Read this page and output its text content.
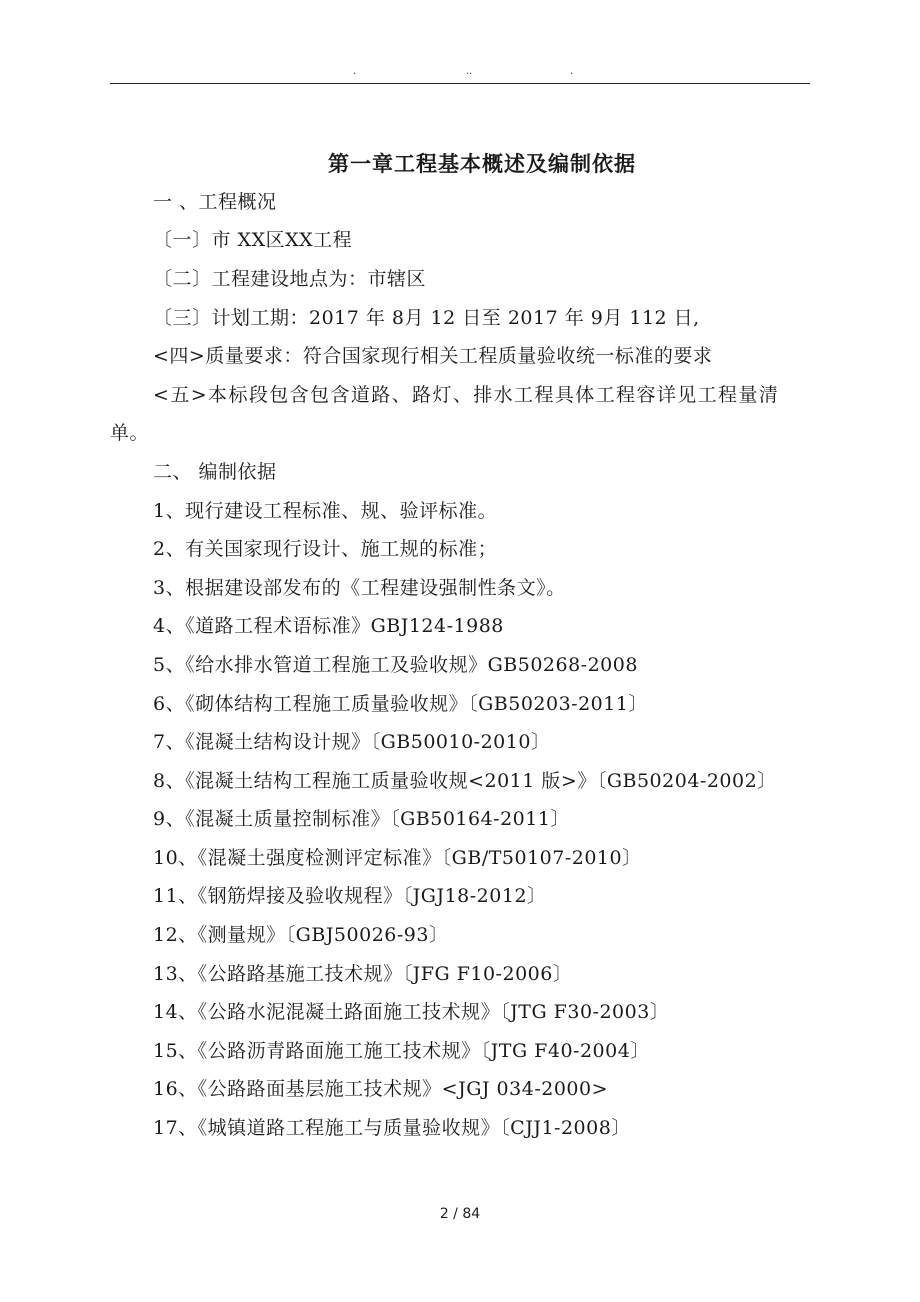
.	..	.
第一章工程基本概述及编制依据
一 、工程概况
〔一〕市 XX区XX工程
〔二〕工程建设地点为：市辖区
〔三〕计划工期：2017 年 8月 12 日至 2017 年 9月 112 日,
<四>质量要求：符合国家现行相关工程质量验收统一标准的要求
<五>本标段包含包含道路、路灯、排水工程具体工程容详见工程量清
单。
二、 编制依据
1、现行建设工程标准、规、验评标准。
2、有关国家现行设计、施工规的标准；
3、根据建设部发布的《工程建设强制性条文》。
4、《道路工程术语标准》GBJ124-1988
5、《给水排水管道工程施工及验收规》GB50268-2008
6、《砌体结构工程施工质量验收规》〔GB50203-2011〕
7、《混凝土结构设计规》〔GB50010-2010〕
8、《混凝土结构工程施工质量验收规<2011 版>》〔GB50204-2002〕
9、《混凝土质量控制标准》〔GB50164-2011〕
10、《混凝土强度检测评定标准》〔GB/T50107-2010〕
11、《钢筋焊接及验收规程》〔JGJ18-2012〕
12、《测量规》〔GBJ50026-93〕
13、《公路路基施工技术规》〔JFG F10-2006〕
14、《公路水泥混凝土路面施工技术规》〔JTG F30-2003〕
15、《公路沥青路面施工施工技术规》〔JTG F40-2004〕
16、《公路路面基层施工技术规》<JGJ 034-2000>
17、《城镇道路工程施工与质量验收规》〔CJJ1-2008〕
2 / 84
